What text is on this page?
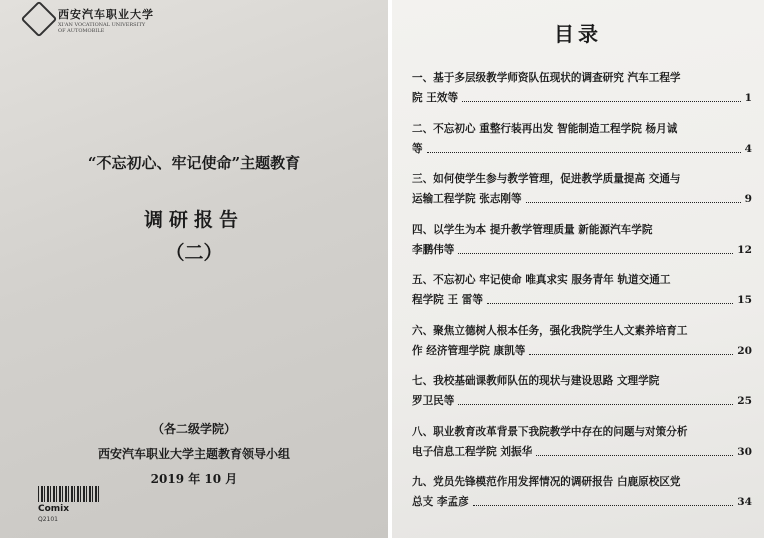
西安汽车职业大学
XI'AN VOCATIONAL UNIVERSITY OF AUTOMOBILE
“不忘初心、牢记使命”主题教育
调研报告
（二）
（各二级学院）
西安汽车职业大学主题教育领导小组
2019 年 10 月
Comix
Q2101
目录
一、基于多层级教学师资队伍现状的调查研究 汽车工程学
院 王效等	1
二、不忘初心 重整行装再出发 智能制造工程学院 杨月诚
等	4
三、如何使学生参与教学管理，促进教学质量提高 交通与
运输工程学院 张志刚等	9
四、以学生为本 提升教学管理质量 新能源汽车学院
李鹏伟等	12
五、不忘初心 牢记使命 唯真求实 服务青年 轨道交通工
程学院 王 雷等	15
六、聚焦立德树人根本任务，强化我院学生人文素养培育工
作 经济管理学院 康凯等	20
七、我校基础课教师队伍的现状与建设思路 文理学院
罗卫民等	25
八、职业教育改革背景下我院教学中存在的问题与对策分析
电子信息工程学院 刘振华	30
九、党员先锋模范作用发挥情况的调研报告 白鹿原校区党
总支 李孟彦	34
